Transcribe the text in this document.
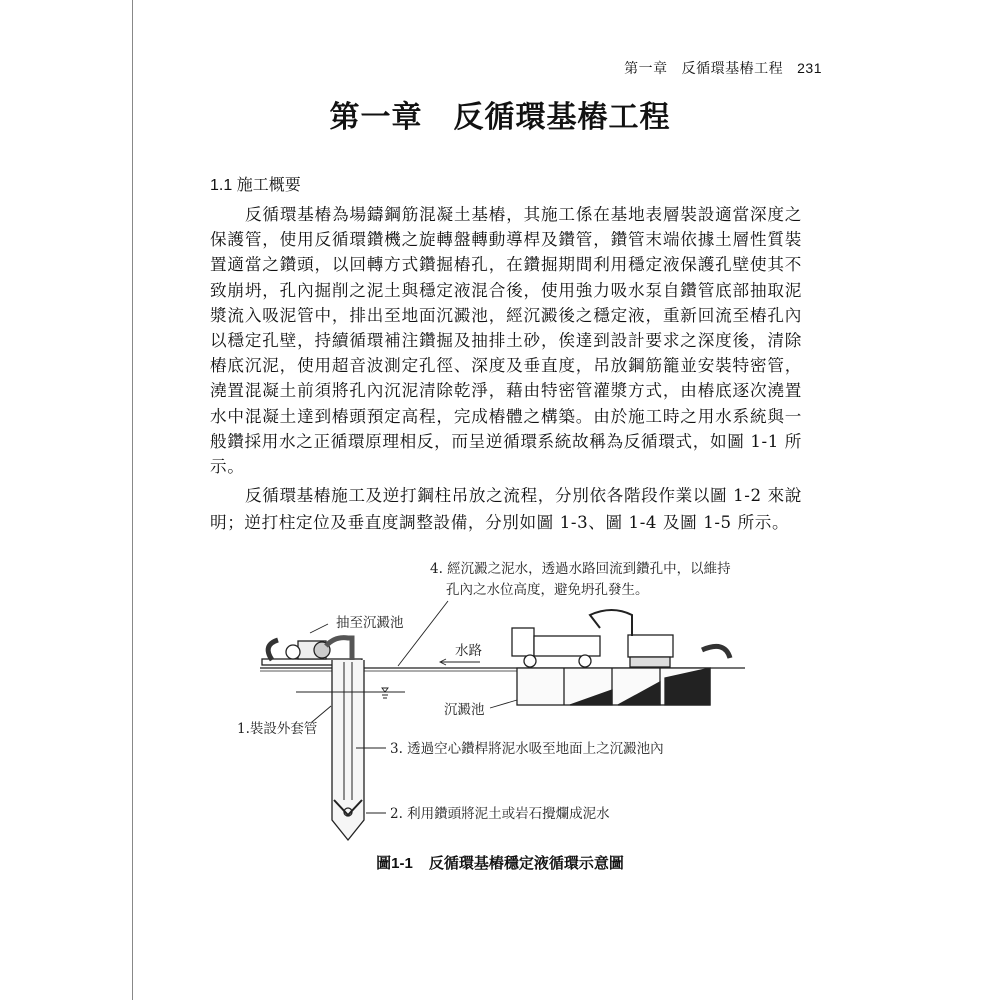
第一章 反循環基樁工程 231
第一章　反循環基樁工程
1.1 施工概要
反循環基樁為場鑄鋼筋混凝土基樁，其施工係在基地表層裝設適當深度之
保護管，使用反循環鑽機之旋轉盤轉動導桿及鑽管，鑽管末端依據土層性質裝
置適當之鑽頭，以回轉方式鑽掘樁孔，在鑽掘期間利用穩定液保護孔壁使其不
致崩坍，孔內掘削之泥土與穩定液混合後，使用強力吸水泵自鑽管底部抽取泥
漿流入吸泥管中，排出至地面沉澱池，經沉澱後之穩定液，重新回流至樁孔內
以穩定孔壁，持續循環補注鑽掘及抽排土砂，俟達到設計要求之深度後，清除
樁底沉泥，使用超音波測定孔徑、深度及垂直度，吊放鋼筋籠並安裝特密管，
澆置混凝土前須將孔內沉泥清除乾淨，藉由特密管灌漿方式，由樁底逐次澆置
水中混凝土達到樁頭預定高程，完成樁體之構築。由於施工時之用水系統與一
般鑽採用水之正循環原理相反，而呈逆循環系統故稱為反循環式，如圖 1-1 所
示。
反循環基樁施工及逆打鋼柱吊放之流程，分別依各階段作業以圖 1-2 來說
明；逆打柱定位及垂直度調整設備，分別如圖 1-3、圖 1-4 及圖 1-5 所示。
4. 經沉澱之泥水，透過水路回流到鑽孔中，以維持
孔內之水位高度，避免坍孔發生。
抽至沉澱池
水路
沉澱池
1.裝設外套管
3. 透過空心鑽桿將泥水吸至地面上之沉澱池內
2. 利用鑽頭將泥土或岩石攪爛成泥水
圖1-1 反循環基樁穩定液循環示意圖
